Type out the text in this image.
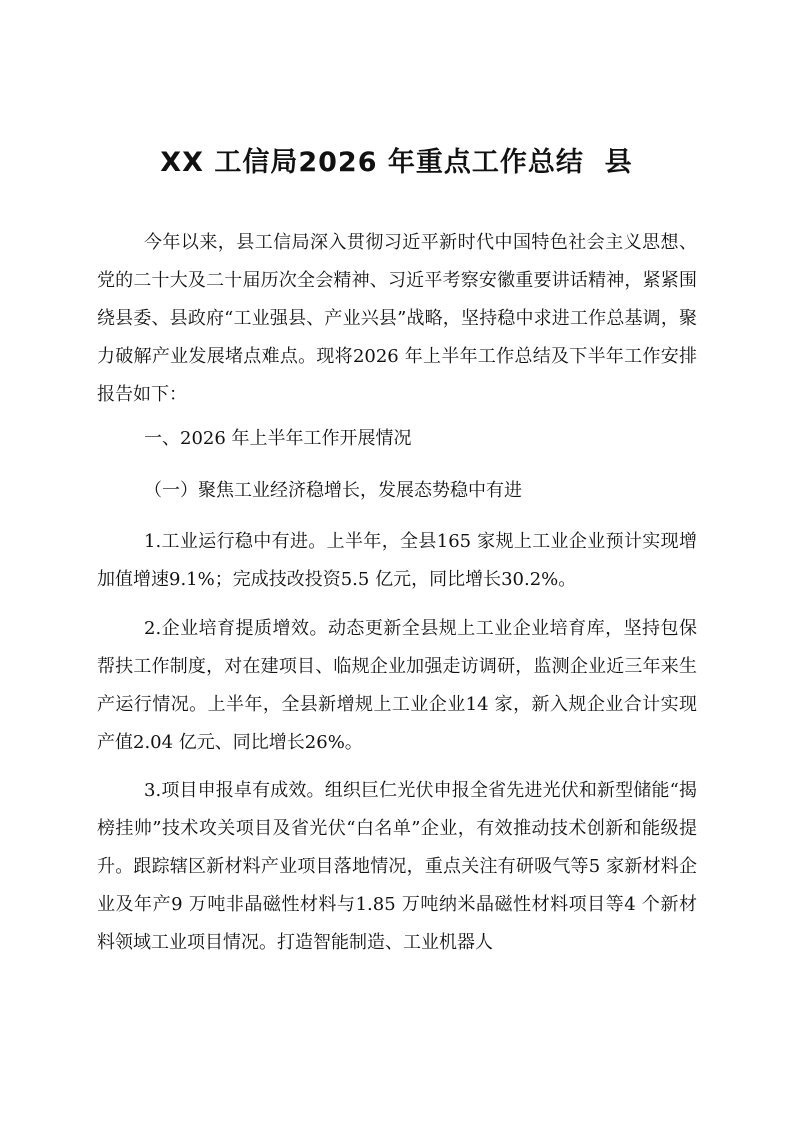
XX 工信局2026 年重点工作总结  县

今年以来，县工信局深入贯彻习近平新时代中国特色社会主义思想、党的二十大及二十届历次全会精神、习近平考察安徽重要讲话精神，紧紧围绕县委、县政府“工业强县、产业兴县”战略，坚持稳中求进工作总基调，聚力破解产业发展堵点难点。现将2026 年上半年工作总结及下半年工作安排报告如下：

一、2026 年上半年工作开展情况

（一）聚焦工业经济稳增长，发展态势稳中有进

1.工业运行稳中有进。上半年，全县165 家规上工业企业预计实现增加值增速9.1%；完成技改投资5.5 亿元，同比增长30.2%。

2.企业培育提质增效。动态更新全县规上工业企业培育库，坚持包保帮扶工作制度，对在建项目、临规企业加强走访调研，监测企业近三年来生产运行情况。上半年，全县新增规上工业企业14 家，新入规企业合计实现产值2.04 亿元、同比增长26%。

3.项目申报卓有成效。组织巨仁光伏申报全省先进光伏和新型储能“揭榜挂帅”技术攻关项目及省光伏“白名单”企业，有效推动技术创新和能级提升。跟踪辖区新材料产业项目落地情况，重点关注有研吸气等5 家新材料企业及年产9 万吨非晶磁性材料与1.85 万吨纳米晶磁性材料项目等4 个新材料领域工业项目情况。打造智能制造、工业机器人
